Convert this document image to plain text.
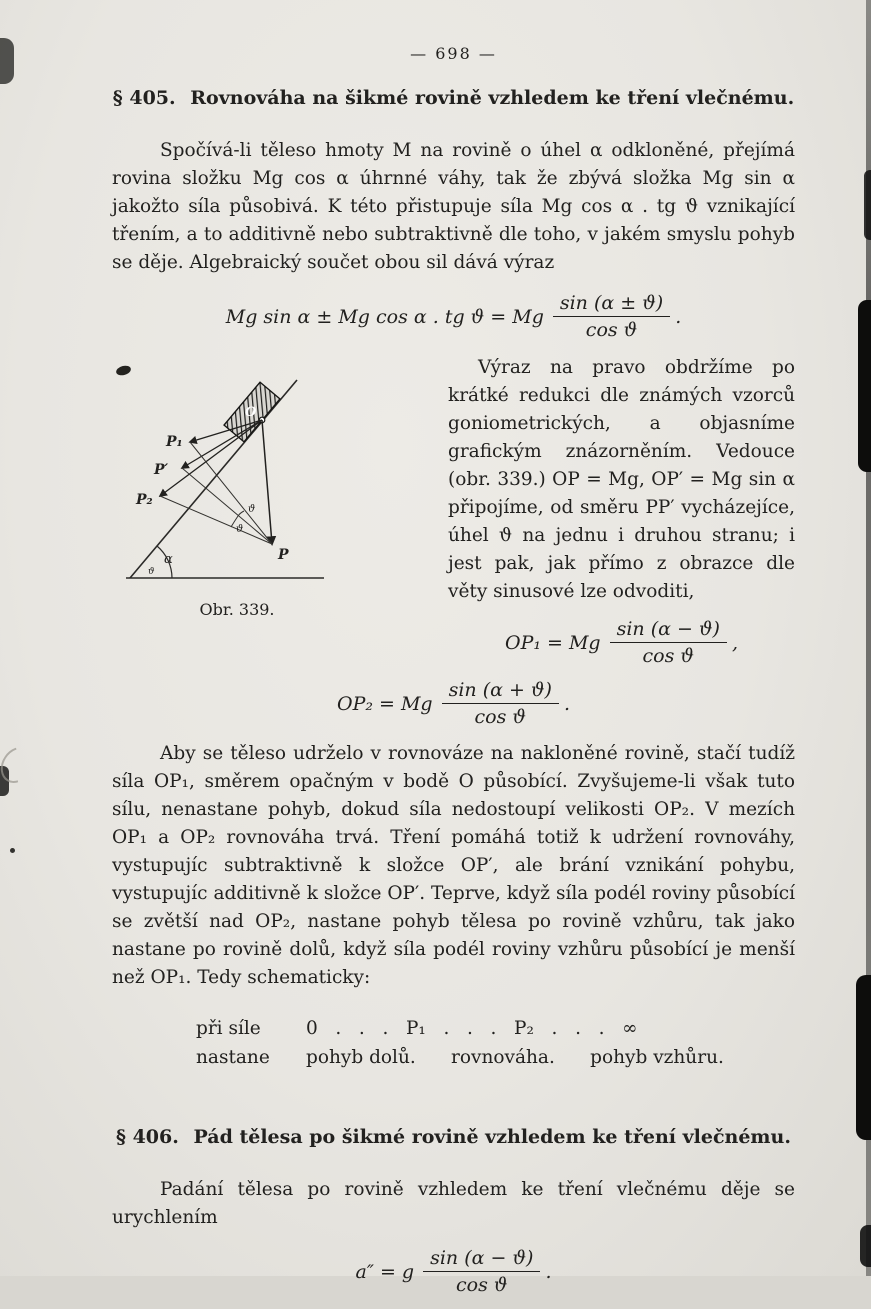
— 698 —
§ 405. Rovnováha na šikmé rovině vzhledem ke tření vlečnému.

Spočívá-li těleso hmoty M na rovině o úhel α odkloněné, přejímá rovina složku Mg cos α úhrnné váhy, tak že zbývá složka Mg sin α jakožto síla působivá. K této přistupuje síla Mg cos α . tg ϑ vznikající třením, a to additivně nebo subtraktivně dle toho, v jakém smyslu pohyb se děje. Algebraický součet obou sil dává výraz

Mg sin α ± Mg cos α . tg ϑ = Mg $\frac{\sin (\alpha \pm ϑ)}{\text{cos ϑ}}$ .
O
P₁
P′
P₂
P
α
ϑ
ϑ
ϑ
Obr. 339.

Výraz na pravo obdržíme po krátké redukci dle známých vzorců goniometrických, a objasníme grafickým znázorněním. Vedouce (obr. 339.) OP = Mg, OP′ = Mg sin α připojíme, od směru PP′ vycházejíce, úhel ϑ na jednu i druhou stranu; i jest pak, jak přímo z obrazce dle věty sinusové lze odvoditi,

OP₁ = Mg $\frac{\sin (\alpha - ϑ)}{\text{cos ϑ}}$ ,
OP₂ = Mg $\frac{\sin (\alpha + ϑ)}{\text{cos ϑ}}$ .

Aby se těleso udrželo v rovnováze na nakloněné rovině, stačí tudíž síla OP₁, směrem opačným v bodě O působící. Zvyšujeme-li však tuto sílu, nenastane pohyb, dokud síla nedostoupí velikosti OP₂. V mezích OP₁ a OP₂ rovnováha trvá. Tření pomáhá totiž k udržení rovnováhy, vystupujíc subtraktivně k složce OP′, ale brání vznikání pohybu, vystupujíc additivně k složce OP′. Teprve, když síla podél roviny působící se zvětší nad OP₂, nastane pohyb tělesa po rovině vzhůru, tak jako nastane po rovině dolů, když síla podél roviny vzhůru působící je menší než OP₁. Tedy schematicky:

při síle	0   .   .   .   P₁   .   .   .   P₂   .   .   .   ∞
nastane	pohyb dolů.      rovnováha.      pohyb vzhůru.
§ 406. Pád tělesa po šikmé rovině vzhledem ke tření vlečnému.

Padání tělesa po rovině vzhledem ke tření vlečnému děje se urychlením

a″ = g $\frac{\sin (\alpha - ϑ)}{\text{cos ϑ}}$ .
